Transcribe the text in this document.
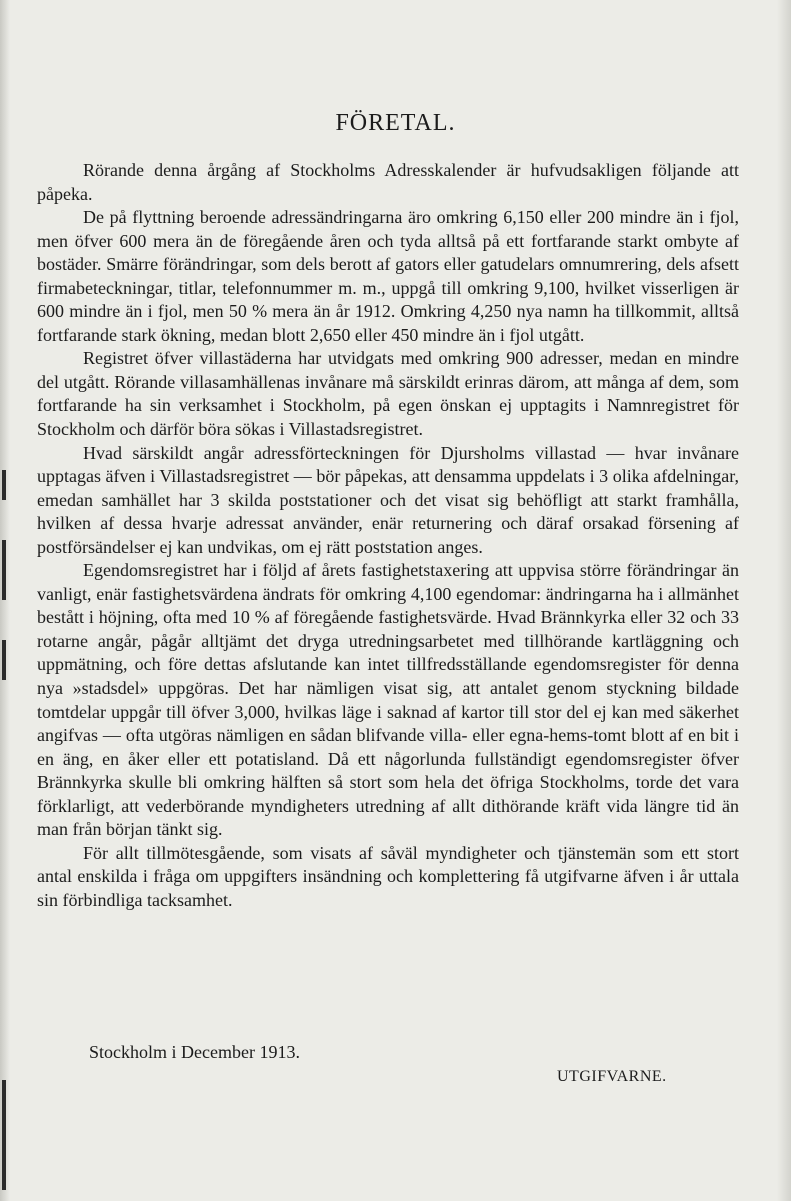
FÖRETAL.

Rörande denna årgång af Stockholms Adresskalender är hufvudsakligen följande att påpeka.

De på flyttning beroende adressändringarna äro omkring 6,150 eller 200 mindre än i fjol, men öfver 600 mera än de föregående åren och tyda alltså på ett fortfarande starkt ombyte af bostäder. Smärre förändringar, som dels berott af gators eller gatudelars omnumrering, dels afsett firmabeteckningar, titlar, telefonnummer m. m., uppgå till omkring 9,100, hvilket visserligen är 600 mindre än i fjol, men 50 % mera än år 1912. Omkring 4,250 nya namn ha tillkommit, alltså fortfarande stark ökning, medan blott 2,650 eller 450 mindre än i fjol utgått.

Registret öfver villastäderna har utvidgats med omkring 900 adresser, medan en mindre del utgått. Rörande villasamhällenas invånare må särskildt erinras därom, att många af dem, som fortfarande ha sin verksamhet i Stockholm, på egen önskan ej upptagits i Namnregistret för Stockholm och därför böra sökas i Villastadsregistret.

Hvad särskildt angår adressförteckningen för Djursholms villastad — hvar invånare upptagas äfven i Villastadsregistret — bör påpekas, att densamma uppdelats i 3 olika afdelningar, emedan samhället har 3 skilda poststationer och det visat sig behöfligt att starkt framhålla, hvilken af dessa hvarje adressat använder, enär returnering och däraf orsakad försening af postförsändelser ej kan undvikas, om ej rätt poststation anges.

Egendomsregistret har i följd af årets fastighetstaxering att uppvisa större förändringar än vanligt, enär fastighetsvärdena ändrats för omkring 4,100 egendomar: ändringarna ha i allmänhet bestått i höjning, ofta med 10 % af föregående fastighetsvärde. Hvad Brännkyrka eller 32 och 33 rotarne angår, pågår alltjämt det dryga utredningsarbetet med tillhörande kartläggning och uppmätning, och före dettas afslutande kan intet tillfredsställande egendomsregister för denna nya »stadsdel» uppgöras. Det har nämligen visat sig, att antalet genom styckning bildade tomtdelar uppgår till öfver 3,000, hvilkas läge i saknad af kartor till stor del ej kan med säkerhet angifvas — ofta utgöras nämligen en sådan blifvande villa- eller egna-hems-tomt blott af en bit i en äng, en åker eller ett potatisland. Då ett någorlunda fullständigt egendomsregister öfver Brännkyrka skulle bli omkring hälften så stort som hela det öfriga Stockholms, torde det vara förklarligt, att vederbörande myndigheters utredning af allt dithörande kräft vida längre tid än man från början tänkt sig.

För allt tillmötesgående, som visats af såväl myndigheter och tjänstemän som ett stort antal enskilda i fråga om uppgifters insändning och komplettering få utgifvarne äfven i år uttala sin förbindliga tacksamhet.

Stockholm i December 1913.
UTGIFVARNE.
